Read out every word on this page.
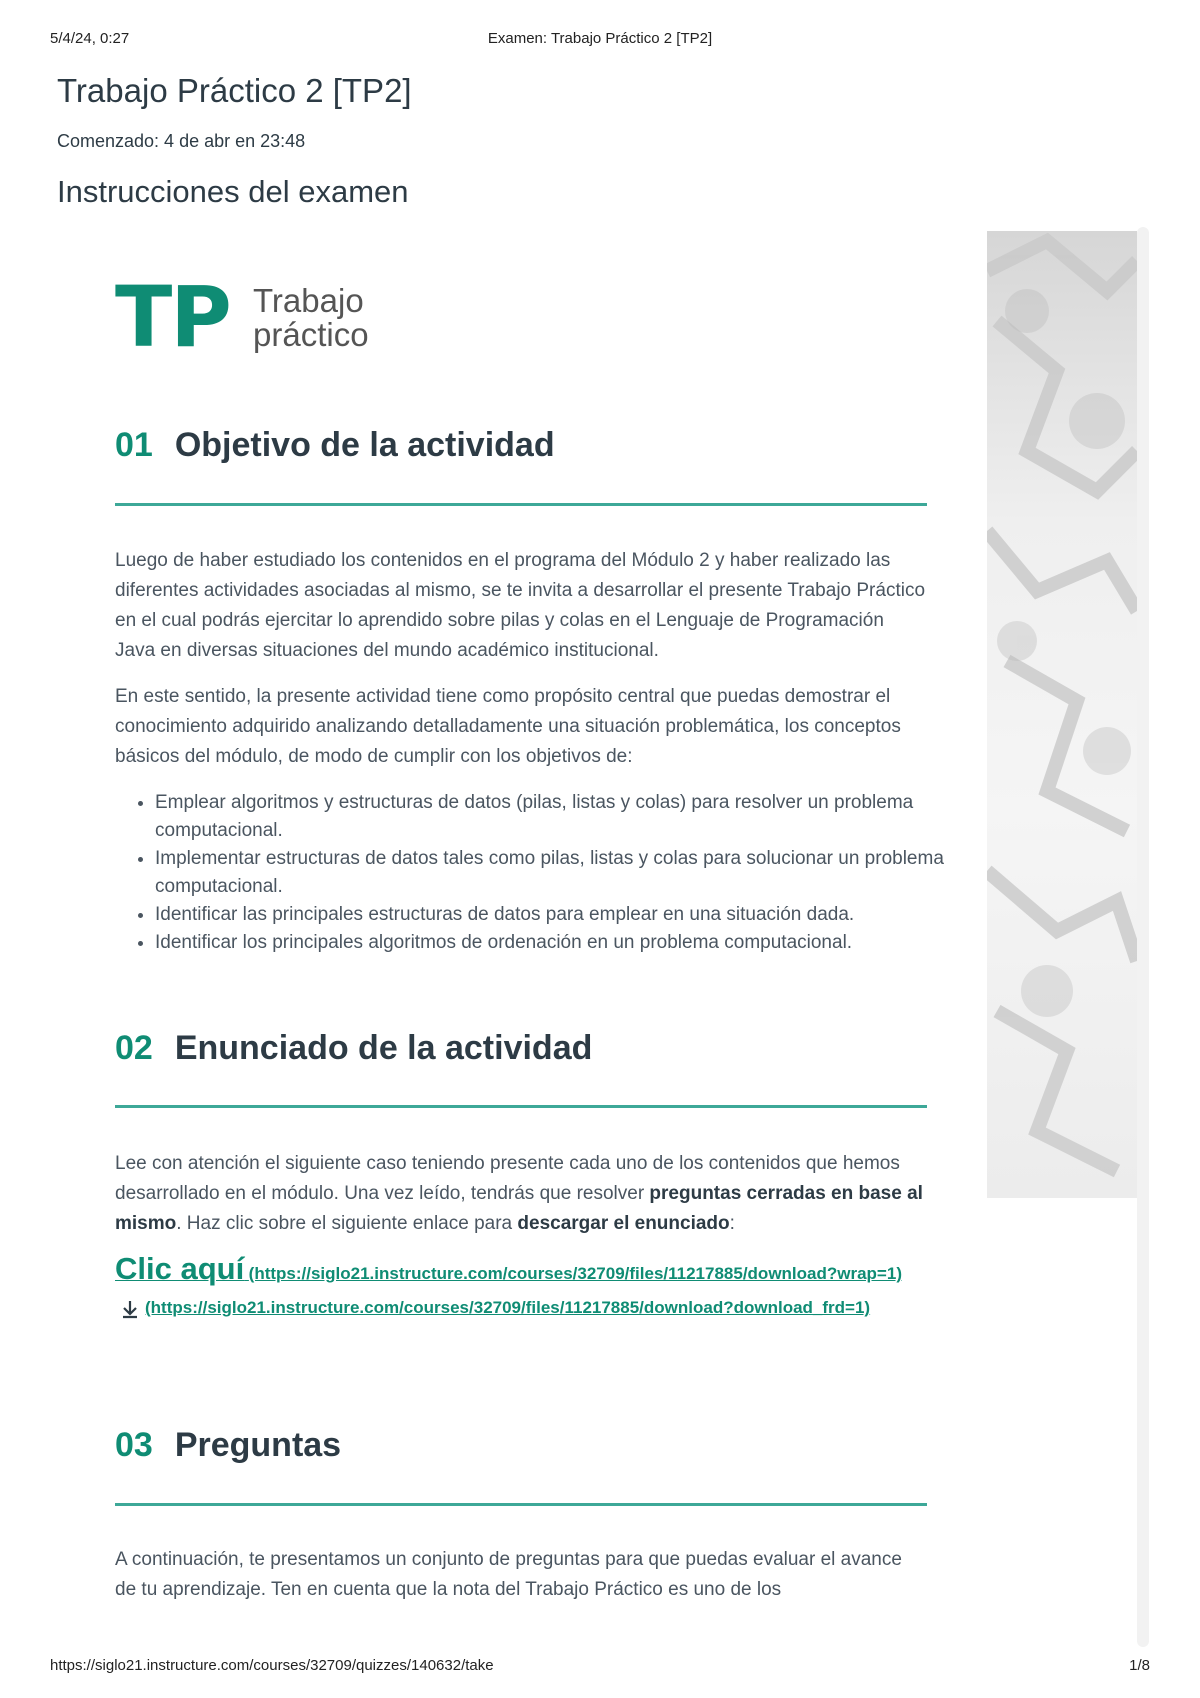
5/4/24, 0:27	Examen: Trabajo Práctico 2 [TP2]
Trabajo Práctico 2 [TP2]
Comenzado: 4 de abr en 23:48
Instrucciones del examen
TP Trabajo
práctico
01 Objetivo de la actividad

Luego de haber estudiado los contenidos en el programa del Módulo 2 y haber realizado las diferentes actividades asociadas al mismo, se te invita a desarrollar el presente Trabajo Práctico en el cual podrás ejercitar lo aprendido sobre pilas y colas en el Lenguaje de Programación Java en diversas situaciones del mundo académico institucional.

En este sentido, la presente actividad tiene como propósito central que puedas demostrar el conocimiento adquirido analizando detalladamente una situación problemática, los conceptos básicos del módulo, de modo de cumplir con los objetivos de:

• Emplear algoritmos y estructuras de datos (pilas, listas y colas) para resolver un problema computacional.
• Implementar estructuras de datos tales como pilas, listas y colas para solucionar un problema computacional.
• Identificar las principales estructuras de datos para emplear en una situación dada.
• Identificar los principales algoritmos de ordenación en un problema computacional.
02 Enunciado de la actividad

Lee con atención el siguiente caso teniendo presente cada uno de los contenidos que hemos desarrollado en el módulo. Una vez leído, tendrás que resolver preguntas cerradas en base al mismo. Haz clic sobre el siguiente enlace para descargar el enunciado:

Clic aquí (https://siglo21.instructure.com/courses/32709/files/11217885/download?wrap=1) (https://siglo21.instructure.com/courses/32709/files/11217885/download?download_frd=1)
03 Preguntas

A continuación, te presentamos un conjunto de preguntas para que puedas evaluar el avance de tu aprendizaje. Ten en cuenta que la nota del Trabajo Práctico es uno de los

https://siglo21.instructure.com/courses/32709/quizzes/140632/take	1/8
